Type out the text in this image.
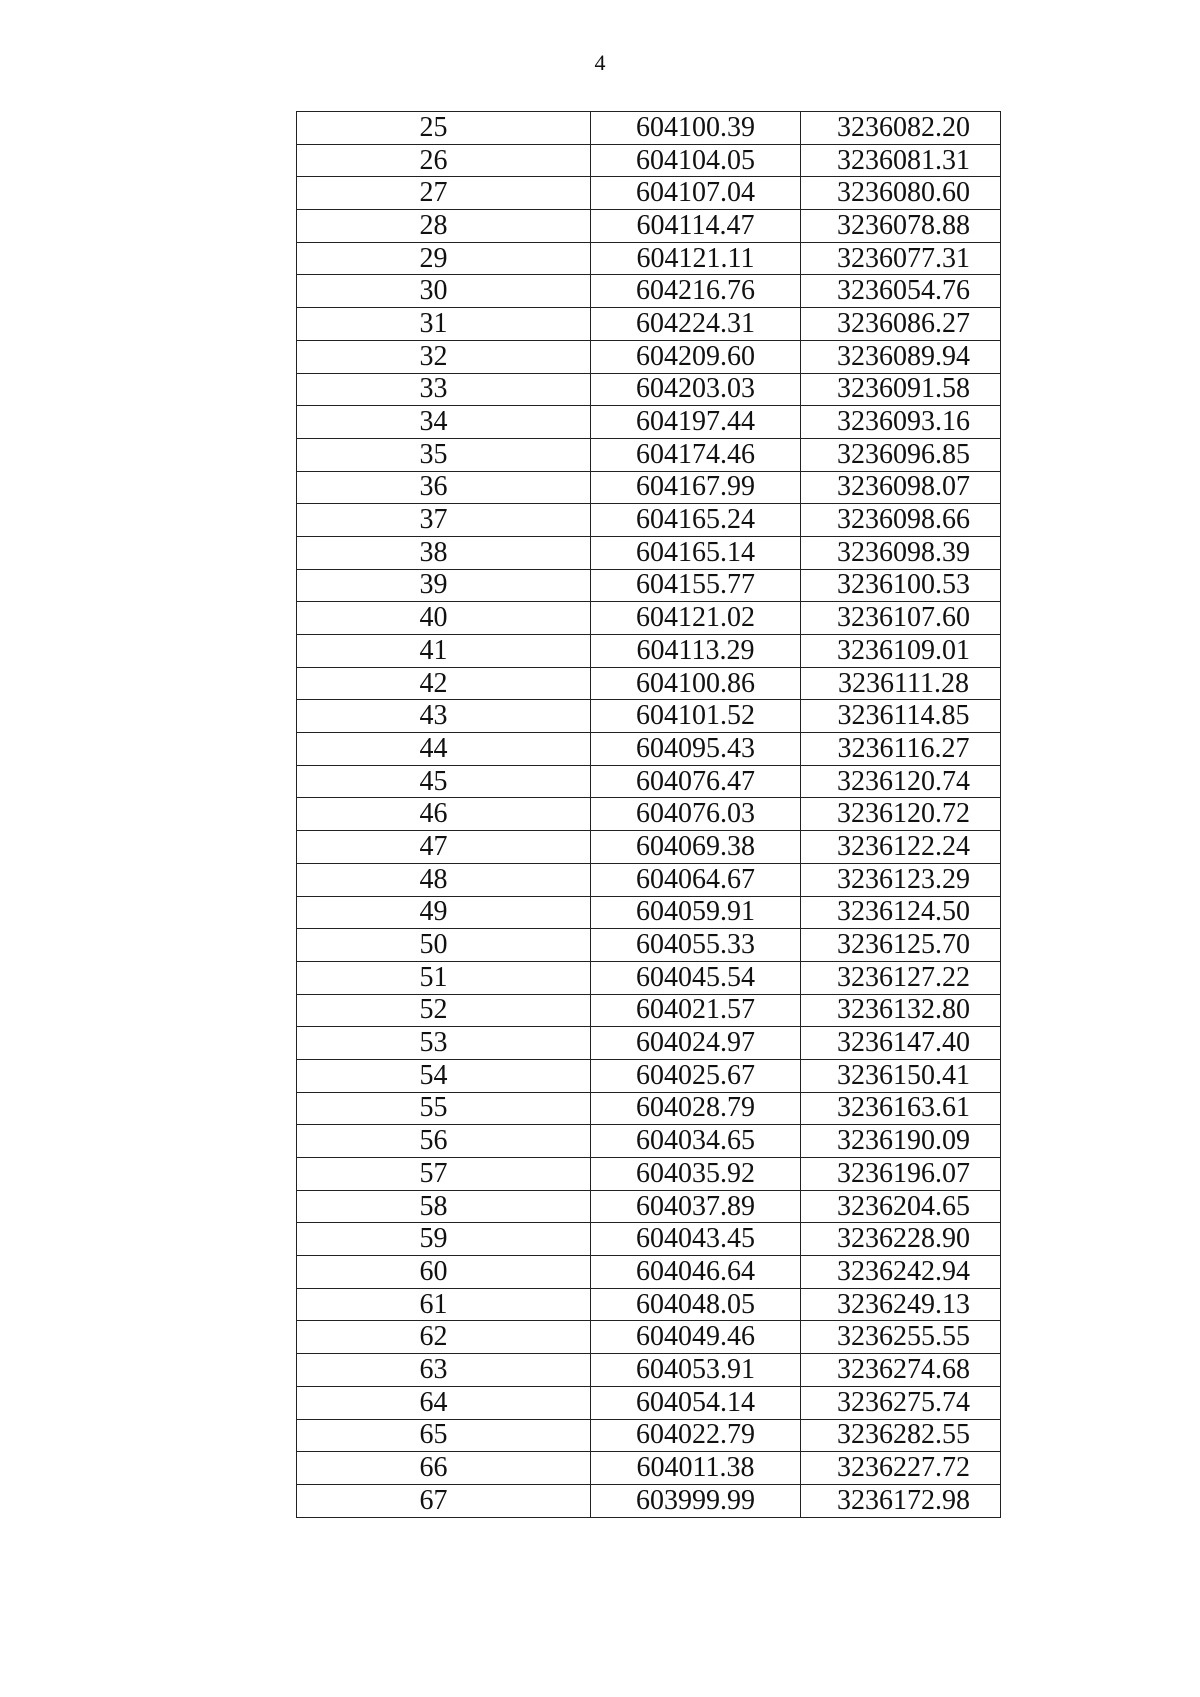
4
25	604100.39	3236082.20
26	604104.05	3236081.31
27	604107.04	3236080.60
28	604114.47	3236078.88
29	604121.11	3236077.31
30	604216.76	3236054.76
31	604224.31	3236086.27
32	604209.60	3236089.94
33	604203.03	3236091.58
34	604197.44	3236093.16
35	604174.46	3236096.85
36	604167.99	3236098.07
37	604165.24	3236098.66
38	604165.14	3236098.39
39	604155.77	3236100.53
40	604121.02	3236107.60
41	604113.29	3236109.01
42	604100.86	3236111.28
43	604101.52	3236114.85
44	604095.43	3236116.27
45	604076.47	3236120.74
46	604076.03	3236120.72
47	604069.38	3236122.24
48	604064.67	3236123.29
49	604059.91	3236124.50
50	604055.33	3236125.70
51	604045.54	3236127.22
52	604021.57	3236132.80
53	604024.97	3236147.40
54	604025.67	3236150.41
55	604028.79	3236163.61
56	604034.65	3236190.09
57	604035.92	3236196.07
58	604037.89	3236204.65
59	604043.45	3236228.90
60	604046.64	3236242.94
61	604048.05	3236249.13
62	604049.46	3236255.55
63	604053.91	3236274.68
64	604054.14	3236275.74
65	604022.79	3236282.55
66	604011.38	3236227.72
67	603999.99	3236172.98
